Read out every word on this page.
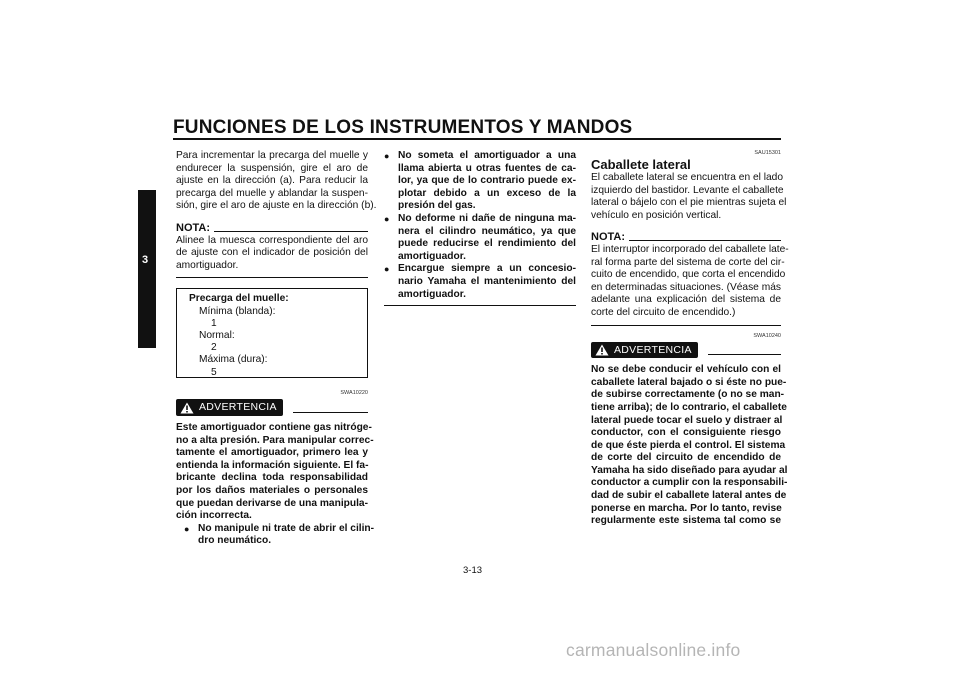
FUNCIONES DE LOS INSTRUMENTOS Y MANDOS
3
Para incrementar la precarga del muelle y
endurecer la suspensión, gire el aro de
ajuste en la dirección (a). Para reducir la
precarga del muelle y ablandar la suspen-
sión, gire el aro de ajuste en la dirección (b).
NOTA:
Alinee la muesca correspondiente del aro
de ajuste con el indicador de posición del
amortiguador.
Precarga del muelle:
Mínima (blanda):
1
Normal:
2
Máxima (dura):
5
SWA10220
ADVERTENCIA
Este amortiguador contiene gas nitróge-
no a alta presión. Para manipular correc-
tamente el amortiguador, primero lea y
entienda la información siguiente. El fa-
bricante declina toda responsabilidad
por los daños materiales o personales
que puedan derivarse de una manipula-
ción incorrecta.
● No manipule ni trate de abrir el cilin-
dro neumático.
● No someta el amortiguador a una
llama abierta u otras fuentes de ca-
lor, ya que de lo contrario puede ex-
plotar debido a un exceso de la
presión del gas.
● No deforme ni dañe de ninguna ma-
nera el cilindro neumático, ya que
puede reducirse el rendimiento del
amortiguador.
● Encargue siempre a un concesio-
nario Yamaha el mantenimiento del
amortiguador.
SAU15301
Caballete lateral
El caballete lateral se encuentra en el lado
izquierdo del bastidor. Levante el caballete
lateral o bájelo con el pie mientras sujeta el
vehículo en posición vertical.
NOTA:
El interruptor incorporado del caballete late-
ral forma parte del sistema de corte del cir-
cuito de encendido, que corta el encendido
en determinadas situaciones. (Véase más
adelante una explicación del sistema de
corte del circuito de encendido.)
SWA10240
ADVERTENCIA
No se debe conducir el vehículo con el
caballete lateral bajado o si éste no pue-
de subirse correctamente (o no se man-
tiene arriba); de lo contrario, el caballete
lateral puede tocar el suelo y distraer al
conductor, con el consiguiente riesgo
de que éste pierda el control. El sistema
de corte del circuito de encendido de
Yamaha ha sido diseñado para ayudar al
conductor a cumplir con la responsabili-
dad de subir el caballete lateral antes de
ponerse en marcha. Por lo tanto, revise
regularmente este sistema tal como se
3-13
carmanualsonline.info
